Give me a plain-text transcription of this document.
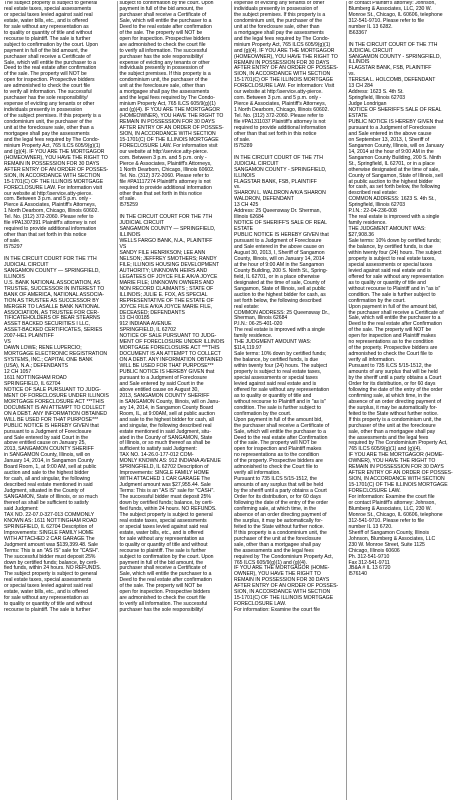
The subject property is subject to general
real estate taxes, special assessments
or special taxes levied against said real
estate, water bills, etc., and is offered
for sale without any representation as
to quality or quantity of title and without
recourse to plaintiff. The sale is further
subject to confirmation by the court. Upon
payment in full of the bid amount, the
purchaser shall receive a Certificate of
Sale, which will entitle the purchaser to a
Deed to the real estate after confirmation
of the sale. The property will NOT be
open for inspection. Prospective bidders
are admonished to check the court file
to verify all information. The successful
purchaser has the sole responsibility/
expense of evicting any tenants or other
individuals presently in possession
of the subject premises. If this property is a
condominium unit, the purchaser of the
unit at the foreclosure sale, other than a
mortgagee shall pay the assessments
and the legal fees required by The Condo-
minium Property Act, 765 ILCS 605/9(g)(1)
and (g)(4). IF YOU ARE THE MORTGAGOR
(HOMEOWNER), YOU HAVE THE RIGHT TO
REMAIN IN POSSESSION FOR 30 DAYS
AFTER ENTRY OF AN ORDER OF POSSES-
SION, IN ACCORDANCE WITH SECTION
15-1701(C) OF THE ILLINOIS MORTGAGE
FORECLOSURE LAW. For information visit
our website at http:\\service.atty-pierce.
com. Between 3 p.m. and 5 p.m. only -
Pierce & Associates, Plaintiff's Attorneys,
1 North Dearborn, Chicago, Illinois 60602.
Tel. No. (312) 372-2060. Please refer to
file #PA1307391 Plaintiff's attorney is not
required to provide additional information
other than that set forth in this notice
of sale.
I575297
IN THE CIRCUIT COURT FOR THE 7TH
JUDICIAL CIRCUIT
SANGAMON COUNTY — SPRINGFIELD,
ILLINOIS
U.S. BANK NATIONAL ASSOCIATION, AS
TRUSTEE, SUCCESSOR IN INTEREST TO
BANK OF AMERICA, NATIONAL ASSOCIA-
TION AS TRUSTEE AS SUCCESSOR BY
MERGER TO LASALLE BANK NATIONAL
ASSOCIATION, AS TRUSTEE FOR CER-
TIFICATEHOLDERS OF BEAR STEARNS
ASSET BACKED SECURITIES I LLC,
ASSET-BACKED CERTIFICATES, SERIES
2007-HE1 PLAINTIFF
VS
DAWN LOWE; RENE LUPERCIO;
MORTGAGE ELECTRONIC REGISTRATION
SYSTEMS, INC.; CAPITAL ONE BANK
(USA), N.A.; DEFENDANTS
12 CH 1057
1611 NOTTINGHAM ROAD
SPRINGFIELD, IL 62704
NOTICE OF SALE PURSUANT TO JUDG-
MENT OF FORECLOSURE UNDER ILLINOIS
MORTGAGE FORECLOSURE ACT ***THIS
DOCUMENT IS AN ATTEMPT TO COLLECT
ON A DEBT. ANY INFORMATION OBTAINED
WILL BE USED FOR THAT PURPOSE***
PUBLIC NOTICE IS HEREBY GIVEN that
pursuant to a Judgment of Foreclosure
and Sale entered by said Court in the
above entitled cause on January 25,
2013, SANGAMON COUNTY SHERIFF
in SANGAMON County, Illinois, will on
January 14, 2014, in Sangamon County
Board Room, 1, at 9:00 AM, sell at public
auction and sale to the highest bidder
for cash, all and singular, the following
described real estate mentioned in said
Judgment, situated in the County of
SANGAMON, State of Illinois, or so much
thereof as shall be sufficient to satisfy
said Judgment:
TAX NO. 22-07.0-327-013 COMMONLY
KNOWN AS: 1611 NOTTINGHAM ROAD
SPRINGFIELD, IL 62704 Description of
Improvements: SINGLE FAMILY HOME
WITH ATTACHED 2 CAR GARAGE The
Judgment amount was $139,399.48. Sale
Terms: This is an "AS IS" sale for "CASH".
The successful bidder must deposit 25%
down by certified funds; balance, by certi-
fied funds, within 24 hours. NO REFUNDS.
The subject property is subject to general
real estate taxes, special assessments
or special taxes levied against said real
estate, water bills, etc., and is offered
for sale without any representation as
to quality or quantity of title and without
recourse to plaintiff. The sale is further
subject to confirmation by the court. Upon
payment in full of the bid amount, the
purchaser shall receive a Certificate of
Sale, which will entitle the purchaser to a
Deed to the real estate after confirmation
of the sale. The property will NOT be
open for inspection. Prospective bidders
are admonished to check the court file
to verify all information. The successful
purchaser has the sole responsibility/
expense of evicting any tenants or other
individuals presently in possession of
the subject premises. If this property is a
condominium unit, the purchaser of the
unit at the foreclosure sale, other than
a mortgagee shall pay the assessments
and the legal fees required by The Condo-
minium Property Act, 765 ILCS 605/9(g)(1)
and (g)(4). IF YOU ARE THE MORTGAGOR
(HOMEOWNER), YOU HAVE THE RIGHT TO
REMAIN IN POSSESSION FOR 30 DAYS
AFTER ENTRY OF AN ORDER OF POSSES-
SION, IN ACCORDANCE WITH SECTION
15-1701(C) OF THE ILLINOIS MORTGAGE
FORECLOSURE LAW. For information visit
our website at http:\\service.atty-pierce.
com. Between 3 p.m. and 5 p.m. only -
Pierce & Associates, Plaintiff's Attorneys,
1 North Dearborn, Chicago, Illinois 60602.
Tel. No. (312) 372-2060. Please refer to
file #PA1117274 Plaintiff's attorney is not
required to provide additional information
other than that set forth in this notice
of sale.
I575259
IN THE CIRCUIT COURT FOR THE 7TH
JUDICIAL CIRCUIT
SANGAMON COUNTY — SPRINGFIELD,
ILLINOIS
WELLS FARGO BANK, N.A., PLAINTIFF
VS
SANDY FILE HENRIKSON; LEE ANN
NELSON; JEFFREY SMOTHERS; RANDY
FILE; ILLINOIS HOUSING DEVELOPMENT
AUTHORITY; UNKNOWN HEIRS AND
LEGATEES OF JOYCE FILE A/K/A JOYCE
MARIE FILE; UNKNOWN OWNERS AND
NON RECORD CLAIMANTS ; STATE OF
ILLINOIS; JULIE E. FOX, AS SPECIAL
REPRESENTATIVE OF THE ESTATE OF
JOYCE FILE A/K/A JOYCE MARIE FILE,
DECEASED; DEFENDANTS
13 CH 00185
912 INDIANA AVENUE
SPRINGFIELD, IL 62702
NOTICE OF SALE PURSUANT TO JUDG-
MENT OF FORECLOSURE UNDER ILLINOIS
MORTGAGE FORECLOSURE ACT ***THIS
DOCUMENT IS AN ATTEMPT TO COLLECT
ON A DEBT. ANY INFORMATION OBTAINED
WILL BE USED FOR THAT PURPOSE***
PUBLIC NOTICE IS HEREBY GIVEN that
pursuant to a Judgment of Foreclosure
and Sale entered by said Court in the
above entitled cause on August 30,
2013, SANGAMON COUNTY SHERIFF
in SANGAMON County, Illinois, will on Janu-
ary 14, 2014, in Sangamon County Board
Room, IL, at 9:00AM, sell at public auction
and sale to the highest bidder for cash, all
and singular, the following described real
estate mentioned in said Judgment, situ-
ated in the County of SANGAMON, State
of Illinois, or so much thereof as shall be
sufficient to satisfy said Judgment:
TAX NO. 14-26.0-177-012 COM-
MONLY KNOWN AS: 912 INDIANA AVENUE
SPRINGFIELD, IL 62702 Description of
Improvements: SINGLE FAMILY HOME
WITH ATTACHED 1 CAR GARAGE The
Judgment amount was $27,955.44. Sale
Terms: This is an "AS IS" sale for "CASH".
The successful bidder must deposit 25%
down by certified funds; balance, by certi-
fied funds, within 24 hours. NO REFUNDS.
The subject property is subject to general
real estate taxes, special assessments
or special taxes levied against said real
estate, water bills, etc., and is offered
for sale without any representation as
to quality or quantity of title and without
recourse to plaintiff. The sale is further
subject to confirmation by the court. Upon
payment in full of the bid amount, the
purchaser shall receive a Certificate of
Sale, which will entitle the purchaser to a
Deed to the real estate after confirmation
of the sale. The property will NOT be
open for inspection. Prospective bidders
are admonished to check the court file
to verify all information. The successful
purchaser has the sole responsibility/
expense of evicting any tenants or other
individuals presently in possession of
the subject premises. If this property is a
condominium unit, the purchaser of the
unit at the foreclosure sale, other than
a mortgagee shall pay the assessments
and the legal fees required by The Condo-
minium Property Act, 765 ILCS 605/9(g)(1)
and (g)(4). IF YOU ARE THE MORTGAGOR
(HOMEOWNER), YOU HAVE THE RIGHT TO
REMAIN IN POSSESSION FOR 30 DAYS
AFTER ENTRY OF AN ORDER OF POSSES-
SION, IN ACCORDANCE WITH SECTION
15-1701(C) OF THE ILLINOIS MORTGAGE
FORECLOSURE LAW. For information: Visit
our website at http:\\service.atty-pierce.
com. Between 3 p.m. and 5 p.m. only -
Pierce & Associates, Plaintiff's Attorneys,
1 North Dearborn, Chicago, Illinois 60602.
Tel. No. (312) 372-2060. Please refer to
file #PA1311037 Plaintiff's attorney is not
required to provide additional information
other than that set forth in this notice
of sale.
I575289
IN THE CIRCUIT COURT OF THE 7TH
JUDICIAL CIRCUIT
SANGAMON COUNTY - SPRINGFIELD,
ILLINOIS
FLAGSTAR BANK, FSB, PLAINTIFF
vs.
SHARON L. WALDRON A/K/A SHARON
WALDRON, DEFENDANT
13 CH 425
Address: 25 Queensway Dr. Sherman,
Illinois 62684
NOTICE OF SHERIFF'S SALE OF REAL
ESTATE
PUBLIC NOTICE IS HEREBY GIVEN that
pursuant to a Judgment of Foreclosure
and Sale entered in the above cause on
August 30, 2013, I, Sheriff of Sangamon
County, Illinois, will on January 14, 2014
at the hour of 9:00 AM in the Sangamon
County Building, 200 S. Ninth St., Spring-
field, IL 62701, or in a place otherwise
designated at the time of sale, County of
Sangamon, State of Illinois, sell at public
auction to the highest bidder for cash, as
set forth below, the following described
real estate:
COMMON ADDRESS: 25 Queensway Dr.,
Sherman, Illinois 62684
P.I.N.: 06-25-401-020
The real estate is improved with a single
family residence.
THE JUDGMENT AMOUNT WAS:
$114,119.97
Sale terms: 10% down by certified funds;
the balance, by certified funds, is due
within twenty four (24) hours. The subject
property is subject to real estate taxes,
special assessments or special taxes
levied against said real estate and is
offered for sale without any representation
as to quality or quantity of title and
without recourse to Plaintiff and in "as is"
condition. The sale is further subject to
confirmation by the court.
Upon payment in full of the amount bid,
the purchaser shall receive a Certificate of
Sale, which will entitle the purchaser to a
Deed to the real estate after Confirmation
of the sale. The property will NOT be
open for inspection and Plaintiff makes
no representations as to the condition
of the property. Prospective bidders are
admonished to check the Court file to
verify all information.
Pursuant to 735 ILCS 5/15-1512, the
amounts of any surplus that will be held
by the sheriff until a party obtains a Court
Order for its distribution, or for 60 days
following the date of the entry of the order
confirming sale, at which time, in the
absence of an order directing payment of
the surplus, it may be automatically for-
feited to the State without further notice.
If this property is a condominium unit, the
purchaser of the unit at the foreclosure
sale, other than a mortgagee shall pay
the assessments and the legal fees
required by The Condominium Property Act,
765 ILCS 605/9(g)(1) and (g)(4).
IF YOU ARE THE MORTGAGOR (HOME-
OWNER), YOU HAVE THE RIGHT TO
REMAIN IN POSSESSION FOR 30 DAYS
AFTER ENTRY OF AN ORDER OF POSSES-
SION, IN ACCORDANCE WITH SECTION
15-1701(C) OF THE ILLINOIS MORTGAGE
FORECLOSURE LAW.
For information: Examine the court file
or contact Plaintiff's attorney: Johnson,
Blumberg & Associates, LLC, 230 W.
Monroe St., Chicago, IL 60606, telephone
312-541-9710. Please refer to file
number IL 13 6282.
I563367
IN THE CIRCUIT COURT OF THE 7TH
JUDICIAL CIRCUIT
SANGAMON COUNTY - SPRINGFIELD,
ILLINOIS
FLAGSTAR BANK, FSB, PLAINTIFF
vs.
TERESA L. HOLCOMB, DEFENDANT
13 CH 284
Address: 1623 S. 4th St.
Springfield, Illinois 62703
Judge Londrigan
NOTICE OF SHERIFF'S SALE OF REAL
ESTATE
PUBLIC NOTICE IS HEREBY GIVEN that
pursuant to a Judgment of Foreclosure
and Sale entered in the above cause
on September 13, 2013, I, Sheriff of
Sangamon County, Illinois, will on January
14, 2014 at the hour of 9:00 AM in the
Sangamon County Building, 200 S. Ninth
St., Springfield, IL 62701, or in a place
otherwise designated at the time of sale,
County of Sangamon, State of Illinois, sell
at public auction to the highest bidder
for cash, as set forth below, the following
described real estate:
COMMON ADDRESS: 1623 S. 4th St.,
Springfield, Illinois 62703
P.I.N.: 22-04-236-008
The real estate is improved with a single
family residence.
THE JUDGMENT AMOUNT WAS:
$27,908.36
Sale terms: 10% down by certified funds;
the balance, by certified funds, is due
within twenty four (24) hours. The subject
property is subject to real estate taxes,
special assessments or special taxes
levied against said real estate and is
offered for sale without any representation
as to quality or quantity of title and
without recourse to Plaintiff and in "as is"
condition. The sale is further subject to
confirmation by the court.
Upon payment in full of the amount bid,
the purchaser shall receive a Certificate of
Sale, which will entitle the purchaser to a
Deed to the real estate after Confirmation
of the sale. The property will NOT be
open for inspection and Plaintiff makes
no representations as to the condition
of the property. Prospective bidders are
admonished to check the Court file to
verify all information.
Pursuant to 735 ILCS 5/15-1512, the
amounts of any surplus that will be held
by the sheriff until a party obtains a Court
Order for its distribution, or for 60 days
following the date of the entry of the order
confirming sale, at which time, in the
absence of an order directing payment of
the surplus, it may be automatically for-
feited to the State without further notice.
If this property is a condominium unit, the
purchaser of the unit at the foreclosure
sale, other than a mortgagee shall pay
the assessments and the legal fees
required by The Condominium Property Act,
765 ILCS 605/9(g)(1) and (g)(4).
IF YOU ARE THE MORTGAGOR (HOME-
OWNER), YOU HAVE THE RIGHT TO
REMAIN IN POSSESSION FOR 30 DAYS
AFTER ENTRY OF AN ORDER OF POSSES-
SION, IN ACCORDANCE WITH SECTION
15-1701(C) OF THE ILLINOIS MORTGAGE
FORECLOSURE LAW.
For information: Examine the court file
or contact Plaintiff's attorney: Johnson,
Blumberg & Associates, LLC, 230 W.
Monroe St., Chicago, IL 60606, telephone
312-541-9710. Please refer to file
number IL 13 6720.
Sheriff of Sangamon County, Illinois
Johnson, Blumberg & Associates, LLC
230 W. Monroe Street, Suite 1125
Chicago, Illinois 60606
Ph. 312-541-9710
Fax 312-541-9711
JB&A # IL 13 6720
I576140
